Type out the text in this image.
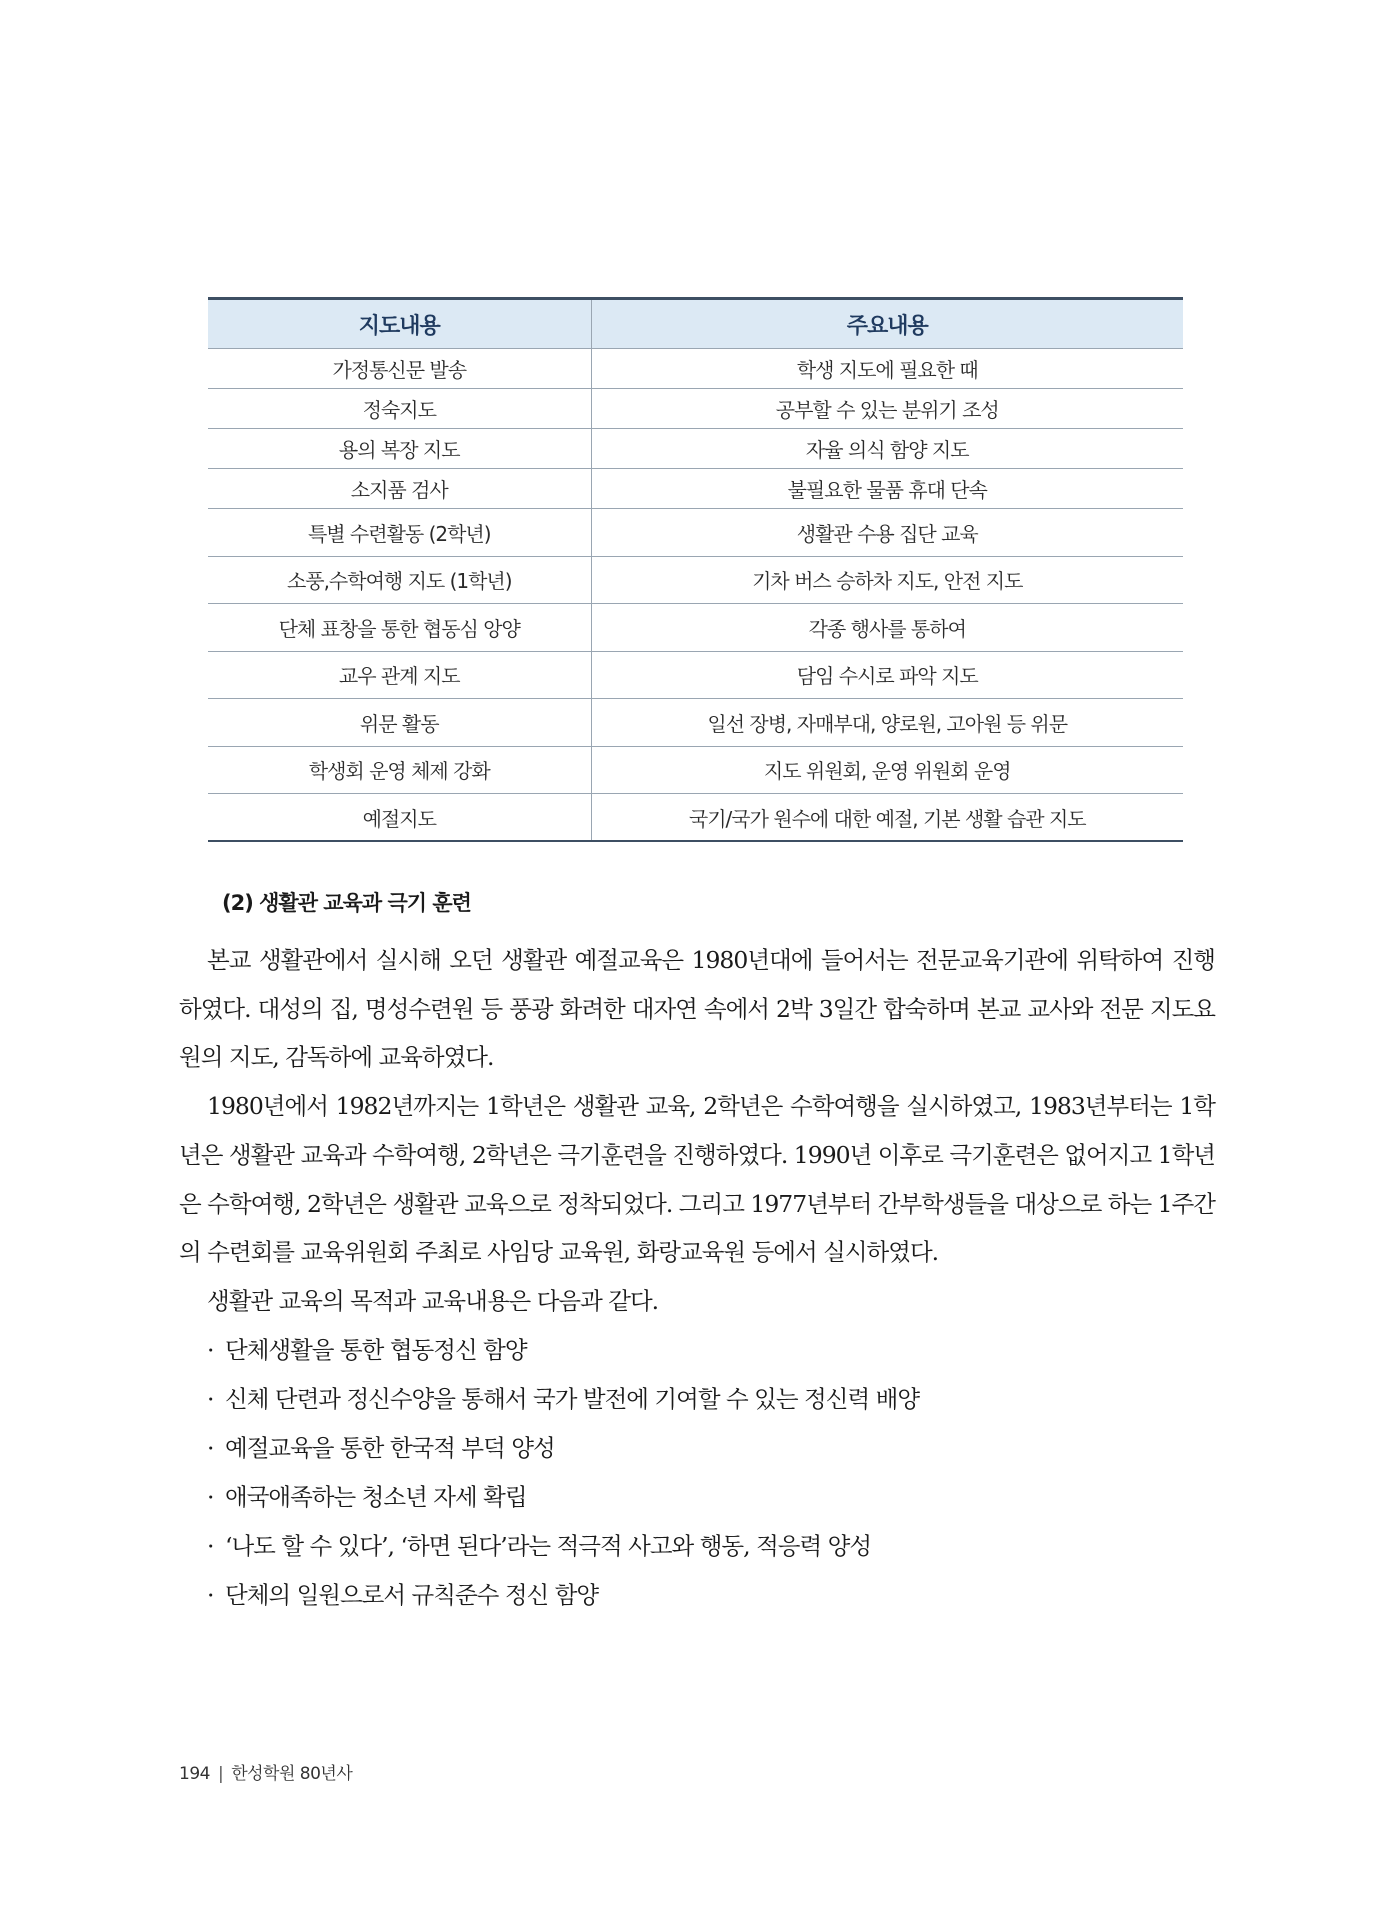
지도내용	주요내용
가정통신문 발송	학생 지도에 필요한 때
정숙지도	공부할 수 있는 분위기 조성
용의 복장 지도	자율 의식 함양 지도
소지품 검사	불필요한 물품 휴대 단속
특별 수련활동 (2학년)	생활관 수용 집단 교육
소풍,수학여행 지도 (1학년)	기차 버스 승하차 지도, 안전 지도
단체 표창을 통한 협동심 앙양	각종 행사를 통하여
교우 관계 지도	담임 수시로 파악 지도
위문 활동	일선 장병, 자매부대, 양로원, 고아원 등 위문
학생회 운영 체제 강화	지도 위원회, 운영 위원회 운영
예절지도	국기/국가 원수에 대한 예절, 기본 생활 습관 지도
(2) 생활관 교육과 극기 훈련

본교 생활관에서 실시해 오던 생활관 예절교육은 1980년대에 들어서는 전문교육기관에 위탁하여 진행하였다. 대성의 집, 명성수련원 등 풍광 화려한 대자연 속에서 2박 3일간 합숙하며 본교 교사와 전문 지도요원의 지도, 감독하에 교육하였다.

1980년에서 1982년까지는 1학년은 생활관 교육, 2학년은 수학여행을 실시하였고, 1983년부터는 1학년은 생활관 교육과 수학여행, 2학년은 극기훈련을 진행하였다. 1990년 이후로 극기훈련은 없어지고 1학년은 수학여행, 2학년은 생활관 교육으로 정착되었다. 그리고 1977년부터 간부학생들을 대상으로 하는 1주간의 수련회를 교육위원회 주최로 사임당 교육원, 화랑교육원 등에서 실시하였다.

생활관 교육의 목적과 교육내용은 다음과 같다.

· 단체생활을 통한 협동정신 함양
· 신체 단련과 정신수양을 통해서 국가 발전에 기여할 수 있는 정신력 배양
· 예절교육을 통한 한국적 부덕 양성
· 애국애족하는 청소년 자세 확립
· ‘나도 할 수 있다’, ‘하면 된다’라는 적극적 사고와 행동, 적응력 양성
· 단체의 일원으로서 규칙준수 정신 함양
194 | 한성학원 80년사
